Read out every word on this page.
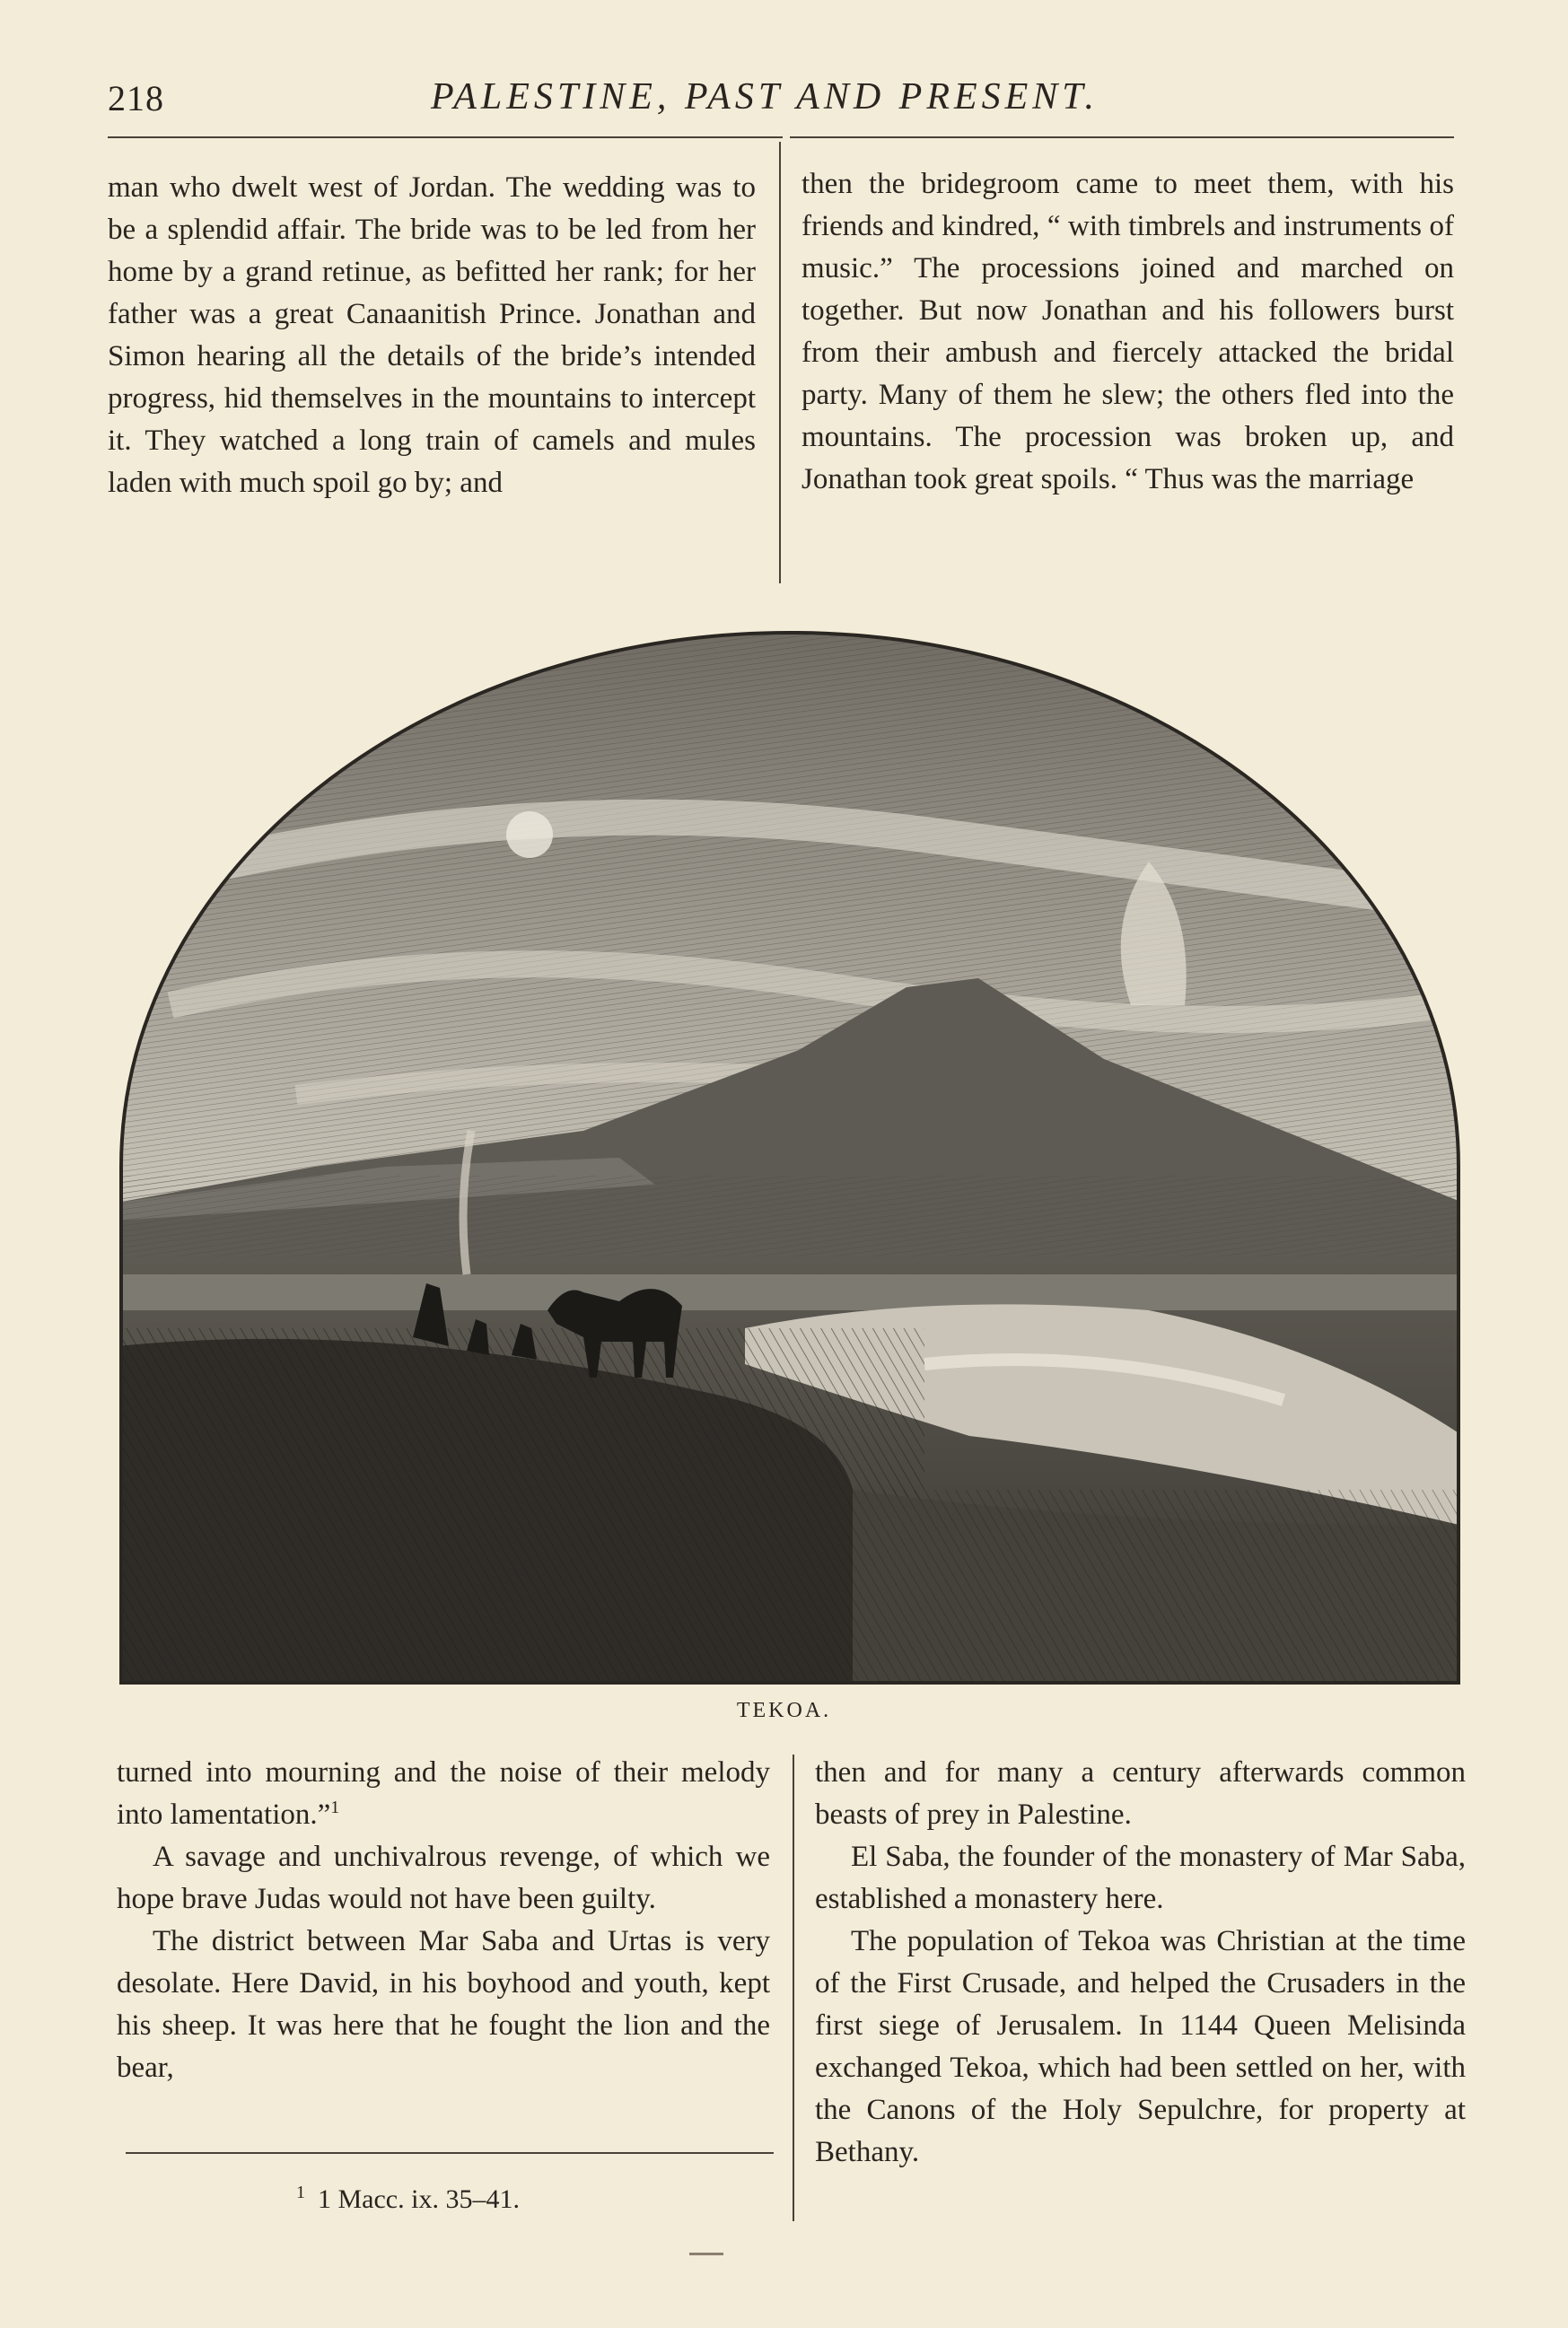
218	PALESTINE, PAST AND PRESENT.

man who dwelt west of Jordan. The wedding was to be a splendid affair. The bride was to be led from her home by a grand retinue, as befitted her rank; for her father was a great Canaanitish Prince. Jonathan and Simon hearing all the details of the bride’s intended progress, hid themselves in the mountains to intercept it. They watched a long train of camels and mules laden with much spoil go by; and

then the bridegroom came to meet them, with his friends and kindred, “ with timbrels and instruments of music.” The processions joined and marched on together. But now Jonathan and his followers burst from their ambush and fiercely attacked the bridal party. Many of them he slew; the others fled into the mountains. The procession was broken up, and Jonathan took great spoils. “ Thus was the marriage

TEKOA.

turned into mourning and the noise of their melody into lamentation.”$^1$

A savage and unchivalrous revenge, of which we hope brave Judas would not have been guilty.

The district between Mar Saba and Urtas is very desolate. Here David, in his boyhood and youth, kept his sheep. It was here that he fought the lion and the bear,

then and for many a century afterwards common beasts of prey in Palestine.

El Saba, the founder of the monastery of Mar Saba, established a monastery here.

The population of Tekoa was Christian at the time of the First Crusade, and helped the Crusaders in the first siege of Jerusalem. In 1144 Queen Melisinda exchanged Tekoa, which had been settled on her, with the Canons of the Holy Sepulchre, for property at Bethany.

$^1$ 1 Macc. ix. 35–41.
